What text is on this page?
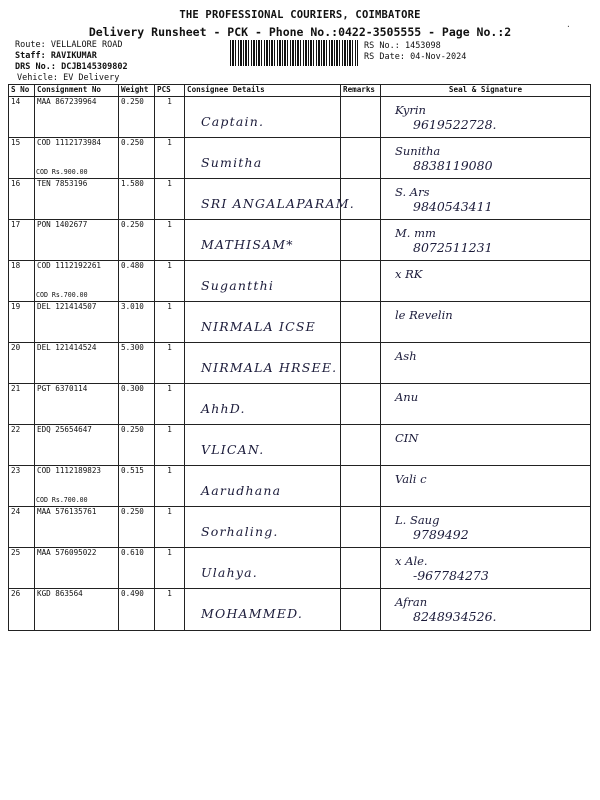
THE PROFESSIONAL COURIERS, COIMBATORE
Delivery Runsheet - PCK - Phone No.:0422-3505555 - Page No.:2
Route: VELLALORE ROAD
Staff: RAVIKUMAR
DRS No.: DCJB145309802
Vehicle: EV Delivery
RS No.: 1453098
RS Date: 04-Nov-2024
.
S No	Consignment No	Weight	PCS	Consignee Details	Remarks	Seal & Signature
14	MAA 867239964	0.250	1	Captain.		Kyrin
9619522728.

15	COD 1112173984
COD Rs.900.00	0.250	1	Sumitha		Sunitha
8838119080

16	TEN 7853196	1.580	1	SRI ANGALAPARAM.		S. Ars
9840543411

17	PON 1402677	0.250	1	MATHISAM*		M. mm
8072511231

18	COD 1112192261
COD Rs.700.00	0.480	1	Sugantthi		x RK

19	DEL 121414507	3.010	1	NIRMALA ICSE		le Revelin

20	DEL 121414524	5.300	1	NIRMALA HRSEE.		Ash

21	PGT 6370114	0.300	1	AhhD.		Anu

22	EDQ 25654647	0.250	1	VLICAN.		CIN

23	COD 1112189823
COD Rs.700.00	0.515	1	Aarudhana		Vali c

24	MAA 576135761	0.250	1	Sorhaling.		L. Saug
9789492

25	MAA 576095022	0.610	1	Ulahya.		x Ale.
-967784273

26	KGD 863564	0.490	1	MOHAMMED.		Afran
8248934526.
